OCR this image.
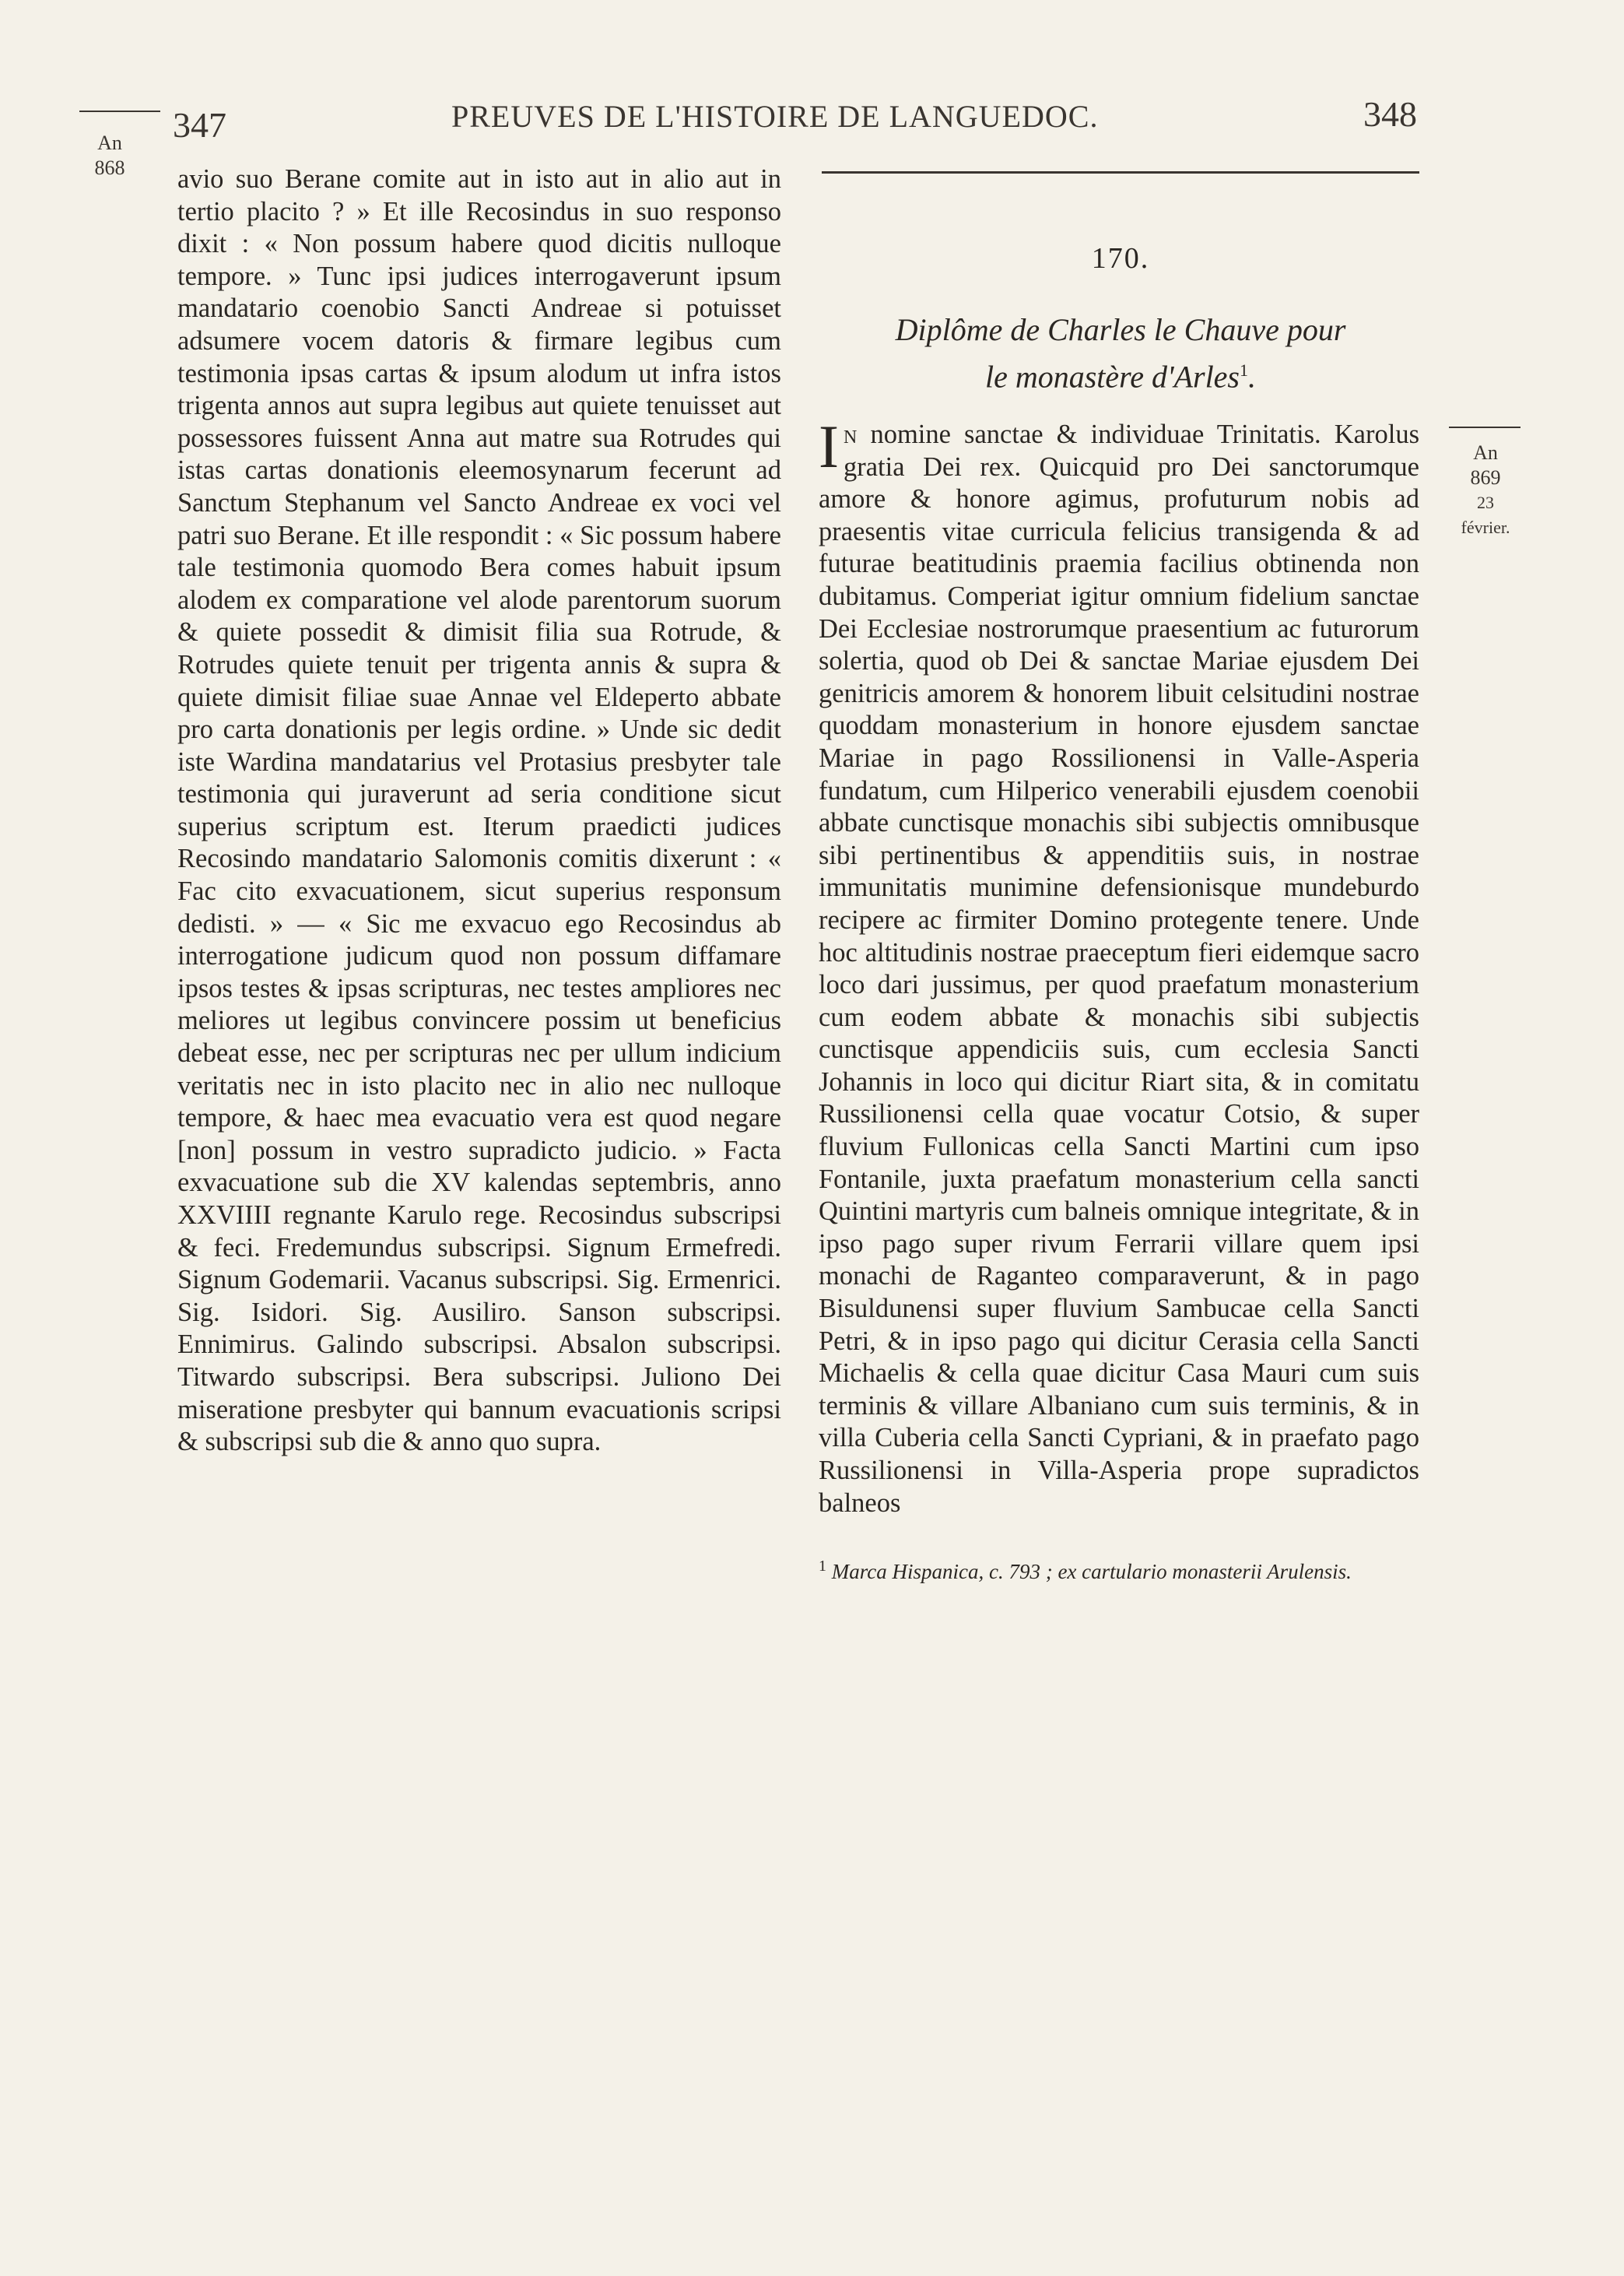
347	PREUVES DE L'HISTOIRE DE LANGUEDOC.	348
An
868	avio suo Berane comite aut in isto aut in alio aut in tertio placito ? » Et ille Recosindus in suo responso dixit : « Non possum habere quod dicitis nulloque tempore. » Tunc ipsi judices interrogaverunt ipsum mandatario coenobio Sancti Andreae si potuisset adsumere vocem datoris & firmare legibus cum testimonia ipsas cartas & ipsum alodum ut infra istos trigenta annos aut supra legibus aut quiete tenuisset aut possessores fuissent Anna aut matre sua Rotrudes qui istas cartas donationis eleemosynarum fecerunt ad Sanctum Stephanum vel Sancto Andreae ex voci vel patri suo Berane. Et ille respondit : « Sic possum habere tale testimonia quomodo Bera comes habuit ipsum alodem ex comparatione vel alode parentorum suorum & quiete possedit & dimisit filia sua Rotrude, & Rotrudes quiete tenuit per trigenta annis & supra & quiete dimisit filiae suae Annae vel Eldeperto abbate pro carta donationis per legis ordine. » Unde sic dedit iste Wardina mandatarius vel Protasius presbyter tale testimonia qui juraverunt ad seria conditione sicut superius scriptum est. Iterum praedicti judices Recosindo mandatario Salomonis comitis dixerunt : « Fac cito exvacuationem, sicut superius responsum dedisti. » — « Sic me exvacuo ego Recosindus ab interrogatione judicum quod non possum diffamare ipsos testes & ipsas scripturas, nec testes ampliores nec meliores ut legibus convincere possim ut beneficius debeat esse, nec per scripturas nec per ullum indicium veritatis nec in isto placito nec in alio nec nulloque tempore, & haec mea evacuatio vera est quod negare [non] possum in vestro supradicto judicio. » Facta exvacuatione sub die XV kalendas septembris, anno XXVIIII regnante Karulo rege. Recosindus subscripsi & feci. Fredemundus subscripsi. Signum Ermefredi. Signum Godemarii. Vacanus subscripsi. Sig. Ermenrici. Sig. Isidori. Sig. Ausiliro. Sanson subscripsi. Ennimirus. Galindo subscripsi. Absalon subscripsi. Titwardo subscripsi. Bera subscripsi. Juliono Dei miseratione presbyter qui bannum evacuationis scripsi & subscripsi sub die & anno quo supra.

170.
Diplôme de Charles le Chauve pour
le monastère d'Arles$^1$.

In nomine sanctae & individuae Trinitatis. Karolus gratia Dei rex. Quicquid pro Dei sanctorumque amore & honore agimus, profuturum nobis ad praesentis vitae curricula felicius transigenda & ad futurae beatitudinis praemia facilius obtinenda non dubitamus. Comperiat igitur omnium fidelium sanctae Dei Ecclesiae nostrorumque praesentium ac futurorum solertia, quod ob Dei & sanctae Mariae ejusdem Dei genitricis amorem & honorem libuit celsitudini nostrae quoddam monasterium in honore ejusdem sanctae Mariae in pago Rossilionensi in Valle-Asperia fundatum, cum Hilperico venerabili ejusdem coenobii abbate cunctisque monachis sibi subjectis omnibusque sibi pertinentibus & appenditiis suis, in nostrae immunitatis munimine defensionisque mundeburdo recipere ac firmiter Domino protegente tenere. Unde hoc altitudinis nostrae praeceptum fieri eidemque sacro loco dari jussimus, per quod praefatum monasterium cum eodem abbate & monachis sibi subjectis cunctisque appendiciis suis, cum ecclesia Sancti Johannis in loco qui dicitur Riart sita, & in comitatu Russilionensi cella quae vocatur Cotsio, & super fluvium Fullonicas cella Sancti Martini cum ipso Fontanile, juxta praefatum monasterium cella sancti Quintini martyris cum balneis omnique integritate, & in ipso pago super rivum Ferrarii villare quem ipsi monachi de Raganteo comparaverunt, & in pago Bisuldunensi super fluvium Sambucae cella Sancti Petri, & in ipso pago qui dicitur Cerasia cella Sancti Michaelis & cella quae dicitur Casa Mauri cum suis terminis & villare Albaniano cum suis terminis, & in villa Cuberia cella Sancti Cypriani, & in praefato pago Russilionensi in Villa-Asperia prope supradictos balneos

An
869
23
février.
$^1$ Marca Hispanica, c. 793 ; ex cartulario monasterii Arulensis.
